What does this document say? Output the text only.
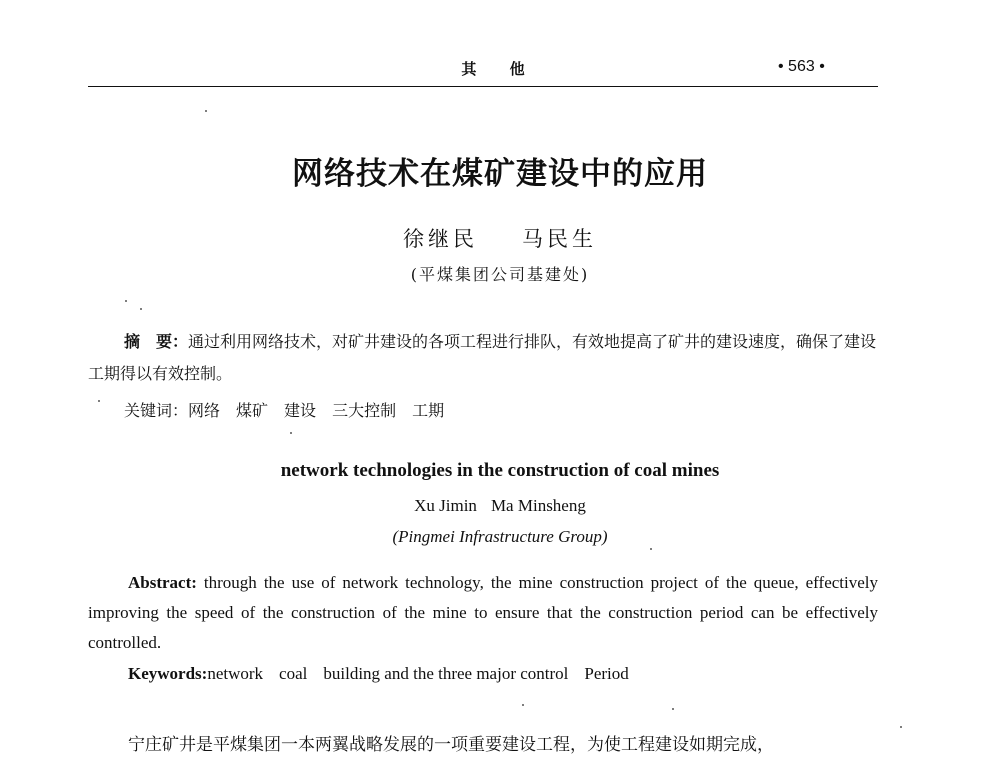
其 他	• 563 •
网络技术在煤矿建设中的应用
徐继民 马民生
(平煤集团公司基建处)
摘　要：通过利用网络技术，对矿井建设的各项工程进行排队，有效地提高了矿井的建设速度，确保了建设工期得以有效控制。
关键词：网络 煤矿 建设 三大控制 工期
network technologies in the construction of coal mines
Xu Jimin Ma Minsheng
(Pingmei Infrastructure Group)
Abstract: through the use of network technology, the mine construction project of the queue, effectively improving the speed of the construction of the mine to ensure that the construction period can be effectively controlled.
Keywords:network coal building and the three major control Period
宁庄矿井是平煤集团一本两翼战略发展的一项重要建设工程，为使工程建设如期完成，
